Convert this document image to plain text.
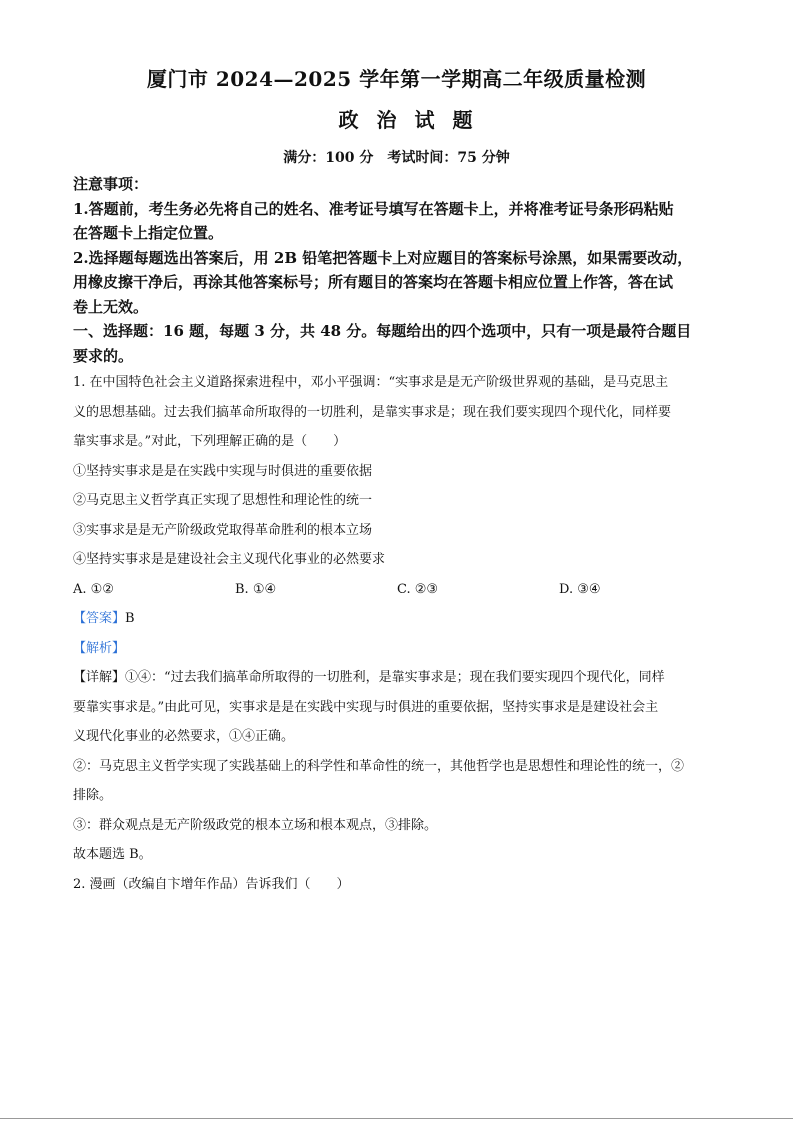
厦门市 2024—2025 学年第一学期高二年级质量检测
政治试题
满分：100 分　考试时间：75 分钟
注意事项：
1.答题前，考生务必先将自己的姓名、准考证号填写在答题卡上，并将准考证号条形码粘贴
在答题卡上指定位置。
2.选择题每题选出答案后，用 2B 铅笔把答题卡上对应题目的答案标号涂黑，如果需要改动，
用橡皮擦干净后，再涂其他答案标号；所有题目的答案均在答题卡相应位置上作答，答在试
卷上无效。
一、选择题：16 题，每题 3 分，共 48 分。每题给出的四个选项中，只有一项是最符合题目
要求的。
1. 在中国特色社会主义道路探索进程中，邓小平强调：“实事求是是无产阶级世界观的基础，是马克思主
义的思想基础。过去我们搞革命所取得的一切胜利，是靠实事求是；现在我们要实现四个现代化，同样要
靠实事求是。”对此，下列理解正确的是（　　）
①坚持实事求是是在实践中实现与时俱进的重要依据
②马克思主义哲学真正实现了思想性和理论性的统一
③实事求是是无产阶级政党取得革命胜利的根本立场
④坚持实事求是是建设社会主义现代化事业的必然要求
A. ①②	B. ①④	C. ②③	D. ③④
【答案】B
【解析】
【详解】①④：“过去我们搞革命所取得的一切胜利，是靠实事求是；现在我们要实现四个现代化，同样
要靠实事求是。”由此可见，实事求是是在实践中实现与时俱进的重要依据，坚持实事求是是建设社会主
义现代化事业的必然要求，①④正确。
②：马克思主义哲学实现了实践基础上的科学性和革命性的统一，其他哲学也是思想性和理论性的统一，②
排除。
③：群众观点是无产阶级政党的根本立场和根本观点，③排除。
故本题选 B。
2. 漫画（改编自卞增年作品）告诉我们（　　）
